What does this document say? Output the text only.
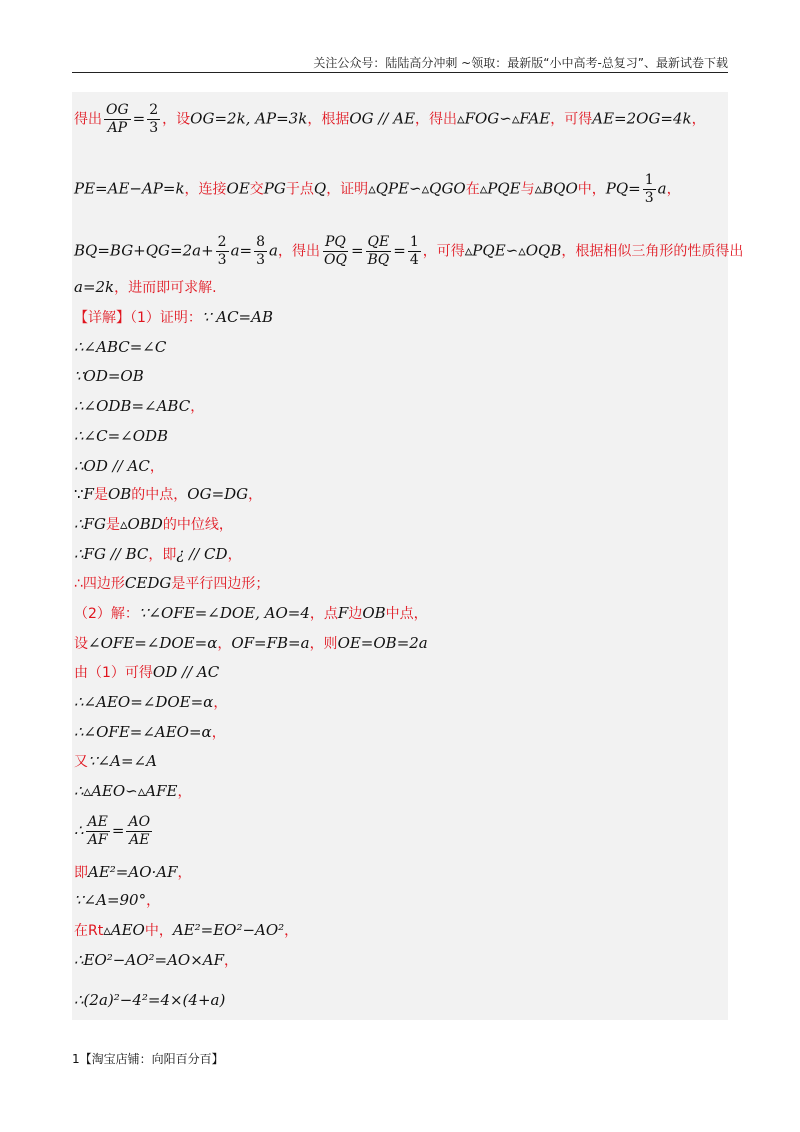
关注公众号：陆陆高分冲刺 ~领取：最新版“小中高考-总复习”、最新试卷下载
得出 $\frac{OG}{AP} = \frac{2}{3}$ ，设OG=2k, AP=3k，根据OG // AE，得出▵FOG∽▵FAE，可得AE=2OG=4k，
PE=AE−AP=k，连接OE交PG于点Q，证明▵QPE∽▵QGO在▵PQE与▵BQO中，$PQ= \frac{1}{3}$ a，
$BQ=BG+QG=2a+ \frac{2}{3} a= \frac{8}{3}$ a，得出 $\frac{PQ}{OQ} = \frac{QE}{BQ} = \frac{1}{4}$ ，可得▵PQE∽▵OQB，根据相似三角形的性质得出
a=2k，进而即可求解.
【详解】（1）证明：∵ AC=AB
∴∠ABC=∠C
∵OD=OB
∴∠ODB=∠ABC，
∴∠C=∠ODB
∴OD // AC，
∵F是OB的中点，OG=DG，
∴FG是▵OBD的中位线，
∴FG // BC，即¿ // CD，
∴四边形CEDG是平行四边形；
（2）解：∵∠OFE=∠DOE, AO=4，点F边OB中点，
设∠OFE=∠DOE=α，OF=FB=a，则OE=OB=2a
由（1）可得OD // AC
∴∠AEO=∠DOE=α，
∴∠OFE=∠AEO=α，
又∵∠A=∠A
∴▵AEO∽▵AFE，
∴ $\frac{AE}{AF} = \frac{AO}{AE}$
即AE²=AO·AF，
∵∠A=90°，
在Rt▵AEO中，AE²=EO²−AO²，
∴EO²−AO²=AO×AF，
∴(2a)²−4²=4×(4+a)
1【淘宝店铺：向阳百分百】
